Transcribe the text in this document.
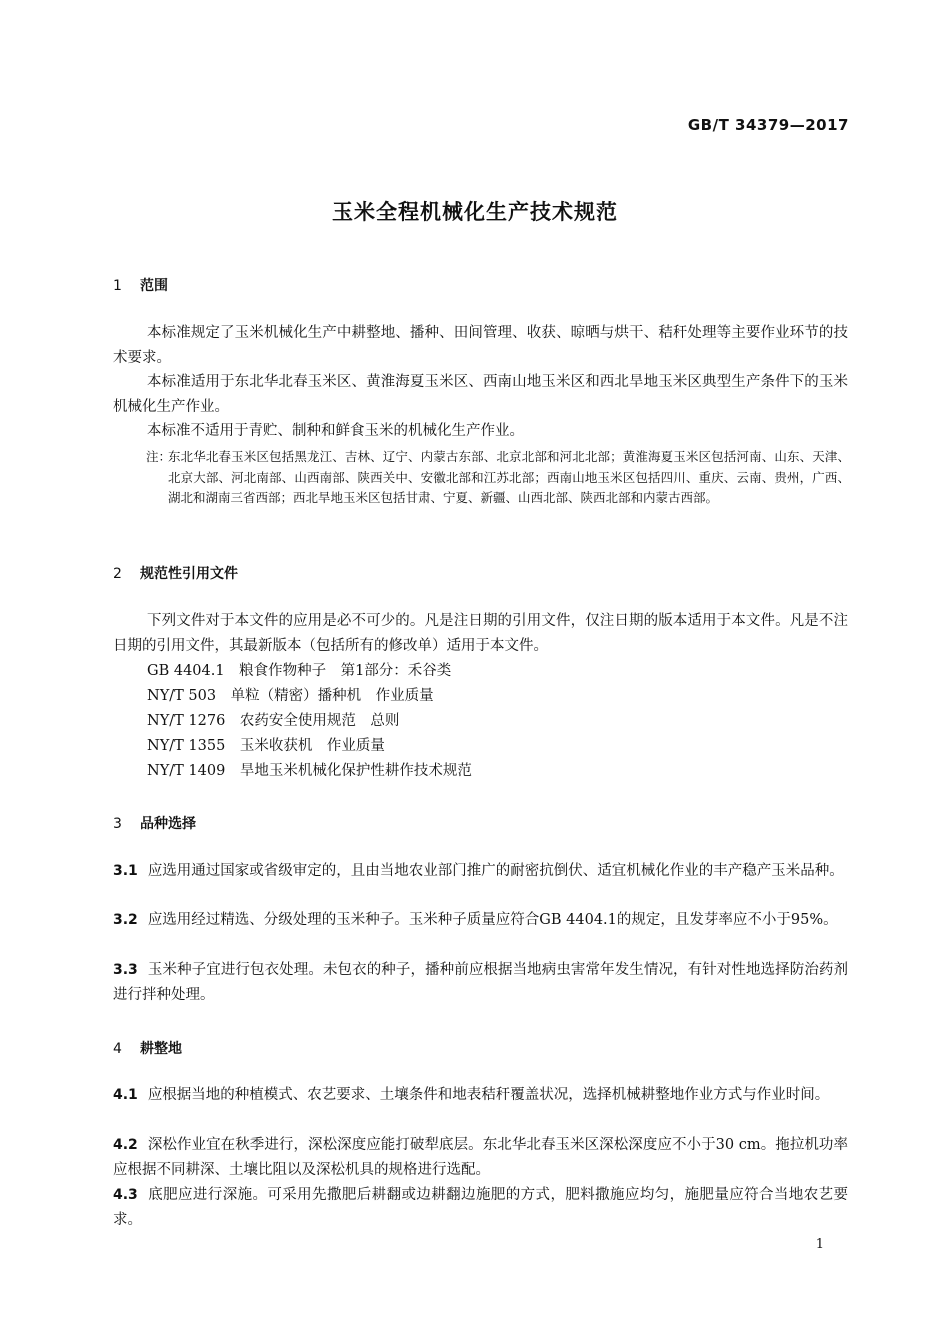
GB/T 34379—2017
玉米全程机械化生产技术规范
1 范围
本标准规定了玉米机械化生产中耕整地、播种、田间管理、收获、晾晒与烘干、秸秆处理等主要作业环节的技术要求。
本标准适用于东北华北春玉米区、黄淮海夏玉米区、西南山地玉米区和西北旱地玉米区典型生产条件下的玉米机械化生产作业。
本标准不适用于青贮、制种和鲜食玉米的机械化生产作业。
注：
东北华北春玉米区包括黑龙江、吉林、辽宁、内蒙古东部、北京北部和河北北部；黄淮海夏玉米区包括河南、山东、天津、北京大部、河北南部、山西南部、陕西关中、安徽北部和江苏北部；西南山地玉米区包括四川、重庆、云南、贵州，广西、湖北和湖南三省西部；西北旱地玉米区包括甘肃、宁夏、新疆、山西北部、陕西北部和内蒙古西部。
2 规范性引用文件
下列文件对于本文件的应用是必不可少的。凡是注日期的引用文件，仅注日期的版本适用于本文件。凡是不注日期的引用文件，其最新版本（包括所有的修改单）适用于本文件。
GB 4404.1　粮食作物种子　第1部分：禾谷类
NY/T 503　单粒（精密）播种机　作业质量
NY/T 1276　农药安全使用规范　总则
NY/T 1355　玉米收获机　作业质量
NY/T 1409　旱地玉米机械化保护性耕作技术规范
3 品种选择
3.1 应选用通过国家或省级审定的，且由当地农业部门推广的耐密抗倒伏、适宜机械化作业的丰产稳产玉米品种。
3.2 应选用经过精选、分级处理的玉米种子。玉米种子质量应符合GB 4404.1的规定，且发芽率应不小于95%。
3.3 玉米种子宜进行包衣处理。未包衣的种子，播种前应根据当地病虫害常年发生情况，有针对性地选择防治药剂进行拌种处理。
4 耕整地
4.1 应根据当地的种植模式、农艺要求、土壤条件和地表秸秆覆盖状况，选择机械耕整地作业方式与作业时间。
4.2 深松作业宜在秋季进行，深松深度应能打破犁底层。东北华北春玉米区深松深度应不小于30 cm。拖拉机功率应根据不同耕深、土壤比阻以及深松机具的规格进行选配。
4.3 底肥应进行深施。可采用先撒肥后耕翻或边耕翻边施肥的方式，肥料撒施应均匀，施肥量应符合当地农艺要求。
1
